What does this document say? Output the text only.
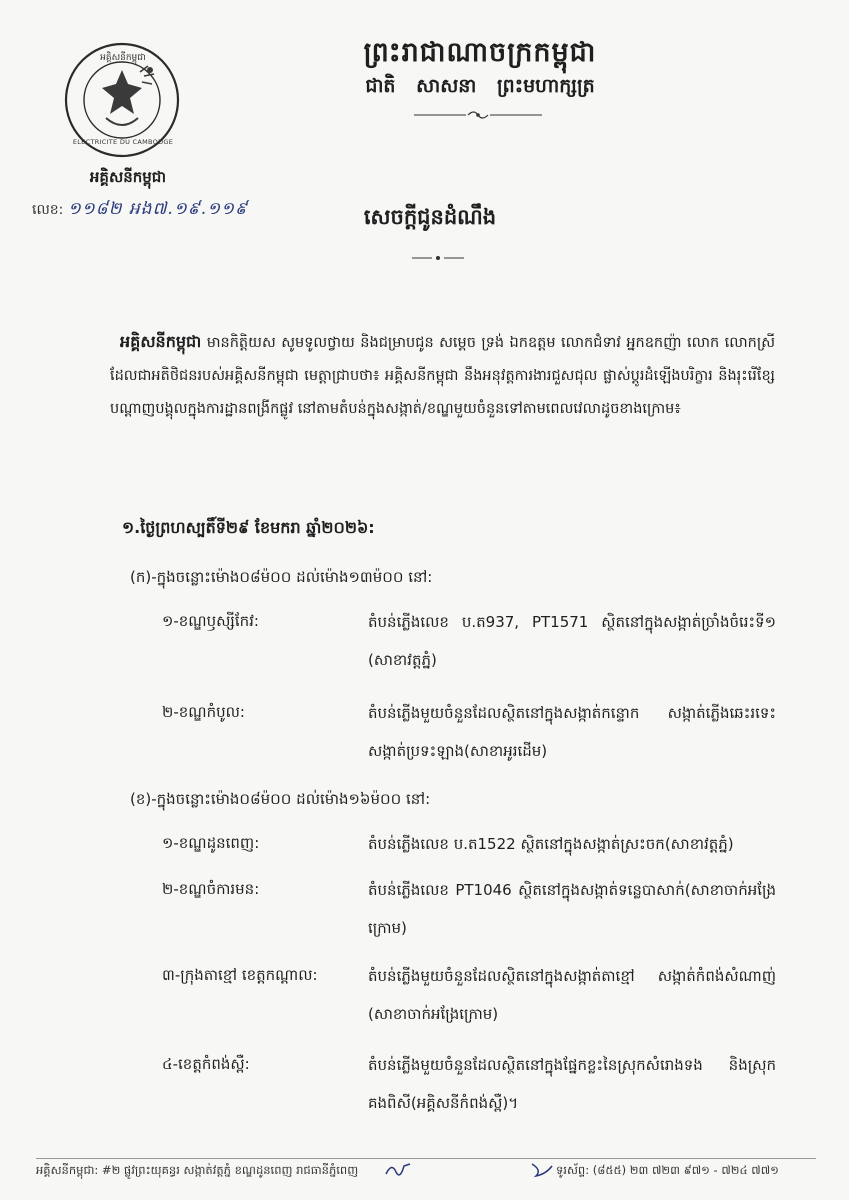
អគ្គិសនីកម្ពុជា
ELECTRICITE DU CAMBODGE
អគ្គិសនីកម្ពុជា
លេខ: ១១៨២ អង៧.១៩.១១៩
ព្រះរាជាណាចក្រកម្ពុជា
ជាតិ សាសនា ព្រះមហាក្សត្រ
សេចក្តីជូនដំណឹង

អគ្គិសនីកម្ពុជា មានកិត្តិយស សូមទូលថ្វាយ និងជម្រាបជូន សម្តេច ទ្រង់ ឯកឧត្តម លោកជំទាវ អ្នកឧកញ៉ា លោក លោកស្រី ដែលជាអតិថិជនរបស់អគ្គិសនីកម្ពុជា មេត្តាជ្រាបថា៖ អគ្គិសនីកម្ពុជា នឹងអនុវត្តការងារជួសជុល ផ្លាស់ប្តូរដំឡើងបរិក្ខារ និងរុះរើខ្សែបណ្តាញបង្គុលក្នុងការដ្ឋានពង្រីកផ្លូវ នៅតាមតំបន់ក្នុងសង្កាត់/ខណ្ឌមួយចំនួនទៅតាមពេលវេលាដូចខាងក្រោម៖

១.ថ្ងៃព្រហស្បតិ៍ទី២៩ ខែមករា ឆ្នាំ២០២៦:
(ក)-ក្នុងចន្លោះម៉ោង០៨ម៉០០ ដល់ម៉ោង១៣ម៉០០ នៅ:
១-ខណ្ឌឫស្សីកែវ:	តំបន់ភ្លើងលេខ ប.ត937, PT1571 ស្ថិតនៅក្នុងសង្កាត់ច្រាំងចំរេះទី១ (សាខាវត្តភ្នំ)
២-ខណ្ឌកំបូល:	តំបន់ភ្លើងមួយចំនួនដែលស្ថិតនៅក្នុងសង្កាត់កន្ទោក សង្កាត់ភ្លើងឆេះរទេះ សង្កាត់ប្រទះឡាង(សាខាអូរដើម)
(ខ)-ក្នុងចន្លោះម៉ោង០៨ម៉០០ ដល់ម៉ោង១៦ម៉០០ នៅ:
១-ខណ្ឌដូនពេញ:	តំបន់ភ្លើងលេខ ប.ត1522 ស្ថិតនៅក្នុងសង្កាត់ស្រះចក(សាខាវត្តភ្នំ)
២-ខណ្ឌចំការមន:	តំបន់ភ្លើងលេខ PT1046 ស្ថិតនៅក្នុងសង្កាត់ទន្លេបាសាក់(សាខាចាក់អង្រែក្រោម)
៣-ក្រុងតាខ្មៅ ខេត្តកណ្តាល:	តំបន់ភ្លើងមួយចំនួនដែលស្ថិតនៅក្នុងសង្កាត់តាខ្មៅ សង្កាត់កំពង់សំណាញ់ (សាខាចាក់អង្រែក្រោម)
៤-ខេត្តកំពង់ស្ពឺ:	តំបន់ភ្លើងមួយចំនួនដែលស្ថិតនៅក្នុងផ្នែកខ្លះនៃស្រុកសំរោងទង និងស្រុកគងពិសី(អគ្គិសនីកំពង់ស្ពឺ)។
អគ្គិសនីកម្ពុជា: #២ ផ្លូវព្រះយុគន្ធរ សង្កាត់វត្តភ្នំ ខណ្ឌដូនពេញ រាជធានីភ្នំពេញ	ទូរស័ព្ទ: (៨៥៥) ២៣ ៧២៣ ៩៧១ - ៧២៤ ៧៧១
